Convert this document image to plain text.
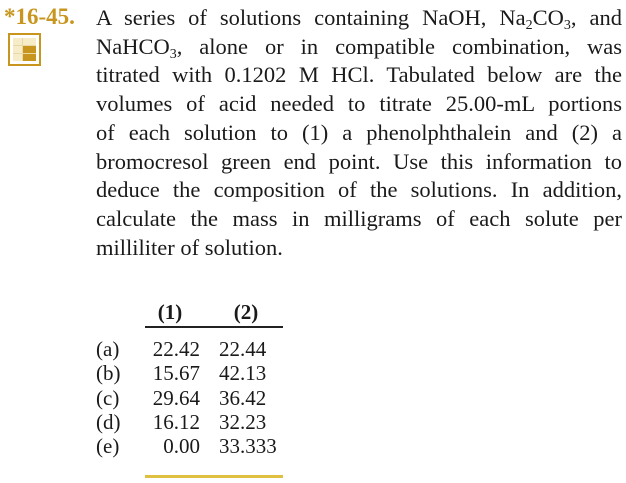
*16-45. A series of solutions containing NaOH, $Na_2CO_3$, and
NaHCO$_3$, alone or in compatible combination, was
titrated with 0.1202 M HCl. Tabulated below are the
volumes of acid needed to titrate 25.00-mL portions
of each solution to (1) a phenolphthalein and (2) a
bromocresol green end point. Use this information to
deduce the composition of the solutions. In addition,
calculate the mass in milligrams of each solute per
milliliter of solution.
(1)	(2)
(a)	22.42 22.44
(b)	15.67 42.13
(c)	29.64 36.42
(d)	16.12 32.23
(e)	0.00 33.333
